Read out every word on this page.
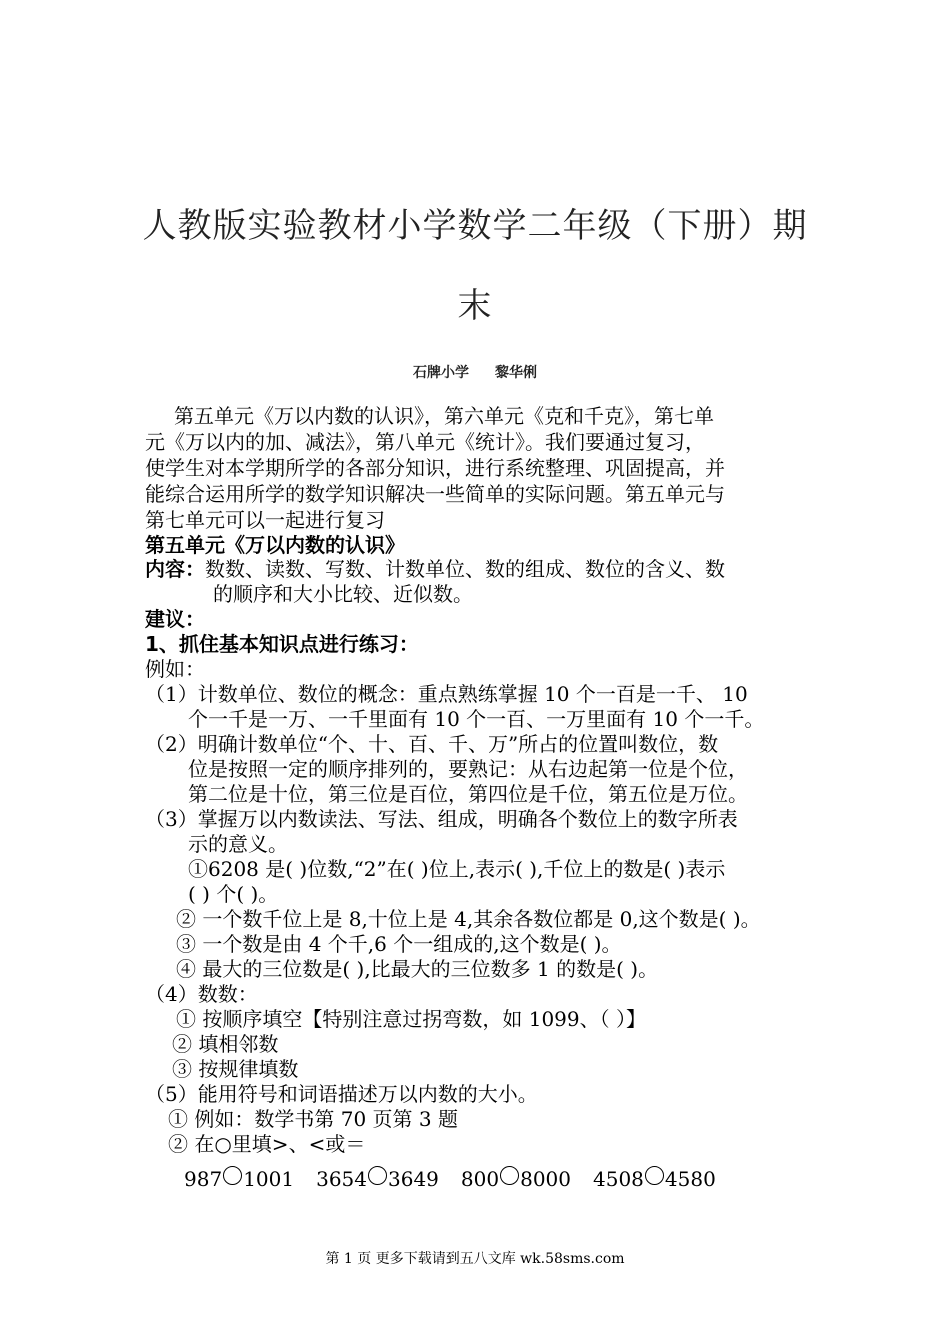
人教版实验教材小学数学二年级（下册）期
末
石牌小学 黎华俐
第五单元《万以内数的认识》，第六单元《克和千克》，第七单
元《万以内的加、减法》，第八单元《统计》。我们要通过复习，
使学生对本学期所学的各部分知识，进行系统整理、巩固提高，并
能综合运用所学的数学知识解决一些简单的实际问题。第五单元与
第七单元可以一起进行复习
第五单元《万以内数的认识》
内容：数数、读数、写数、计数单位、数的组成、数位的含义、数
的顺序和大小比较、近似数。
建议：
1、抓住基本知识点进行练习：
例如：
（1）计数单位、数位的概念：重点熟练掌握 10 个一百是一千、 10
个一千是一万、一千里面有 10 个一百、一万里面有 10 个一千。
（2）明确计数单位“个、十、百、千、万”所占的位置叫数位，数
位是按照一定的顺序排列的，要熟记：从右边起第一位是个位，
第二位是十位，第三位是百位，第四位是千位，第五位是万位。
（3）掌握万以内数读法、写法、组成，明确各个数位上的数字所表
示的意义。
①6208 是( )位数,“2”在( )位上,表示( ),千位上的数是( )表示
( ) 个( )。
② 一个数千位上是 8,十位上是 4,其余各数位都是 0,这个数是( )。
③ 一个数是由 4 个千,6 个一组成的,这个数是( )。
④ 最大的三位数是( ),比最大的三位数多 1 的数是( )。
（4）数数：
① 按顺序填空【特别注意过拐弯数，如 1099、（ ）】
② 填相邻数
③ 按规律填数
（5）能用符号和词语描述万以内数的大小。
① 例如：数学书第 70 页第 3 题
② 在○里填>、<或＝
987 1001 3654 3649 800 8000 4508 4580
第 1 页 更多下载请到五八文库 wk.58sms.com
